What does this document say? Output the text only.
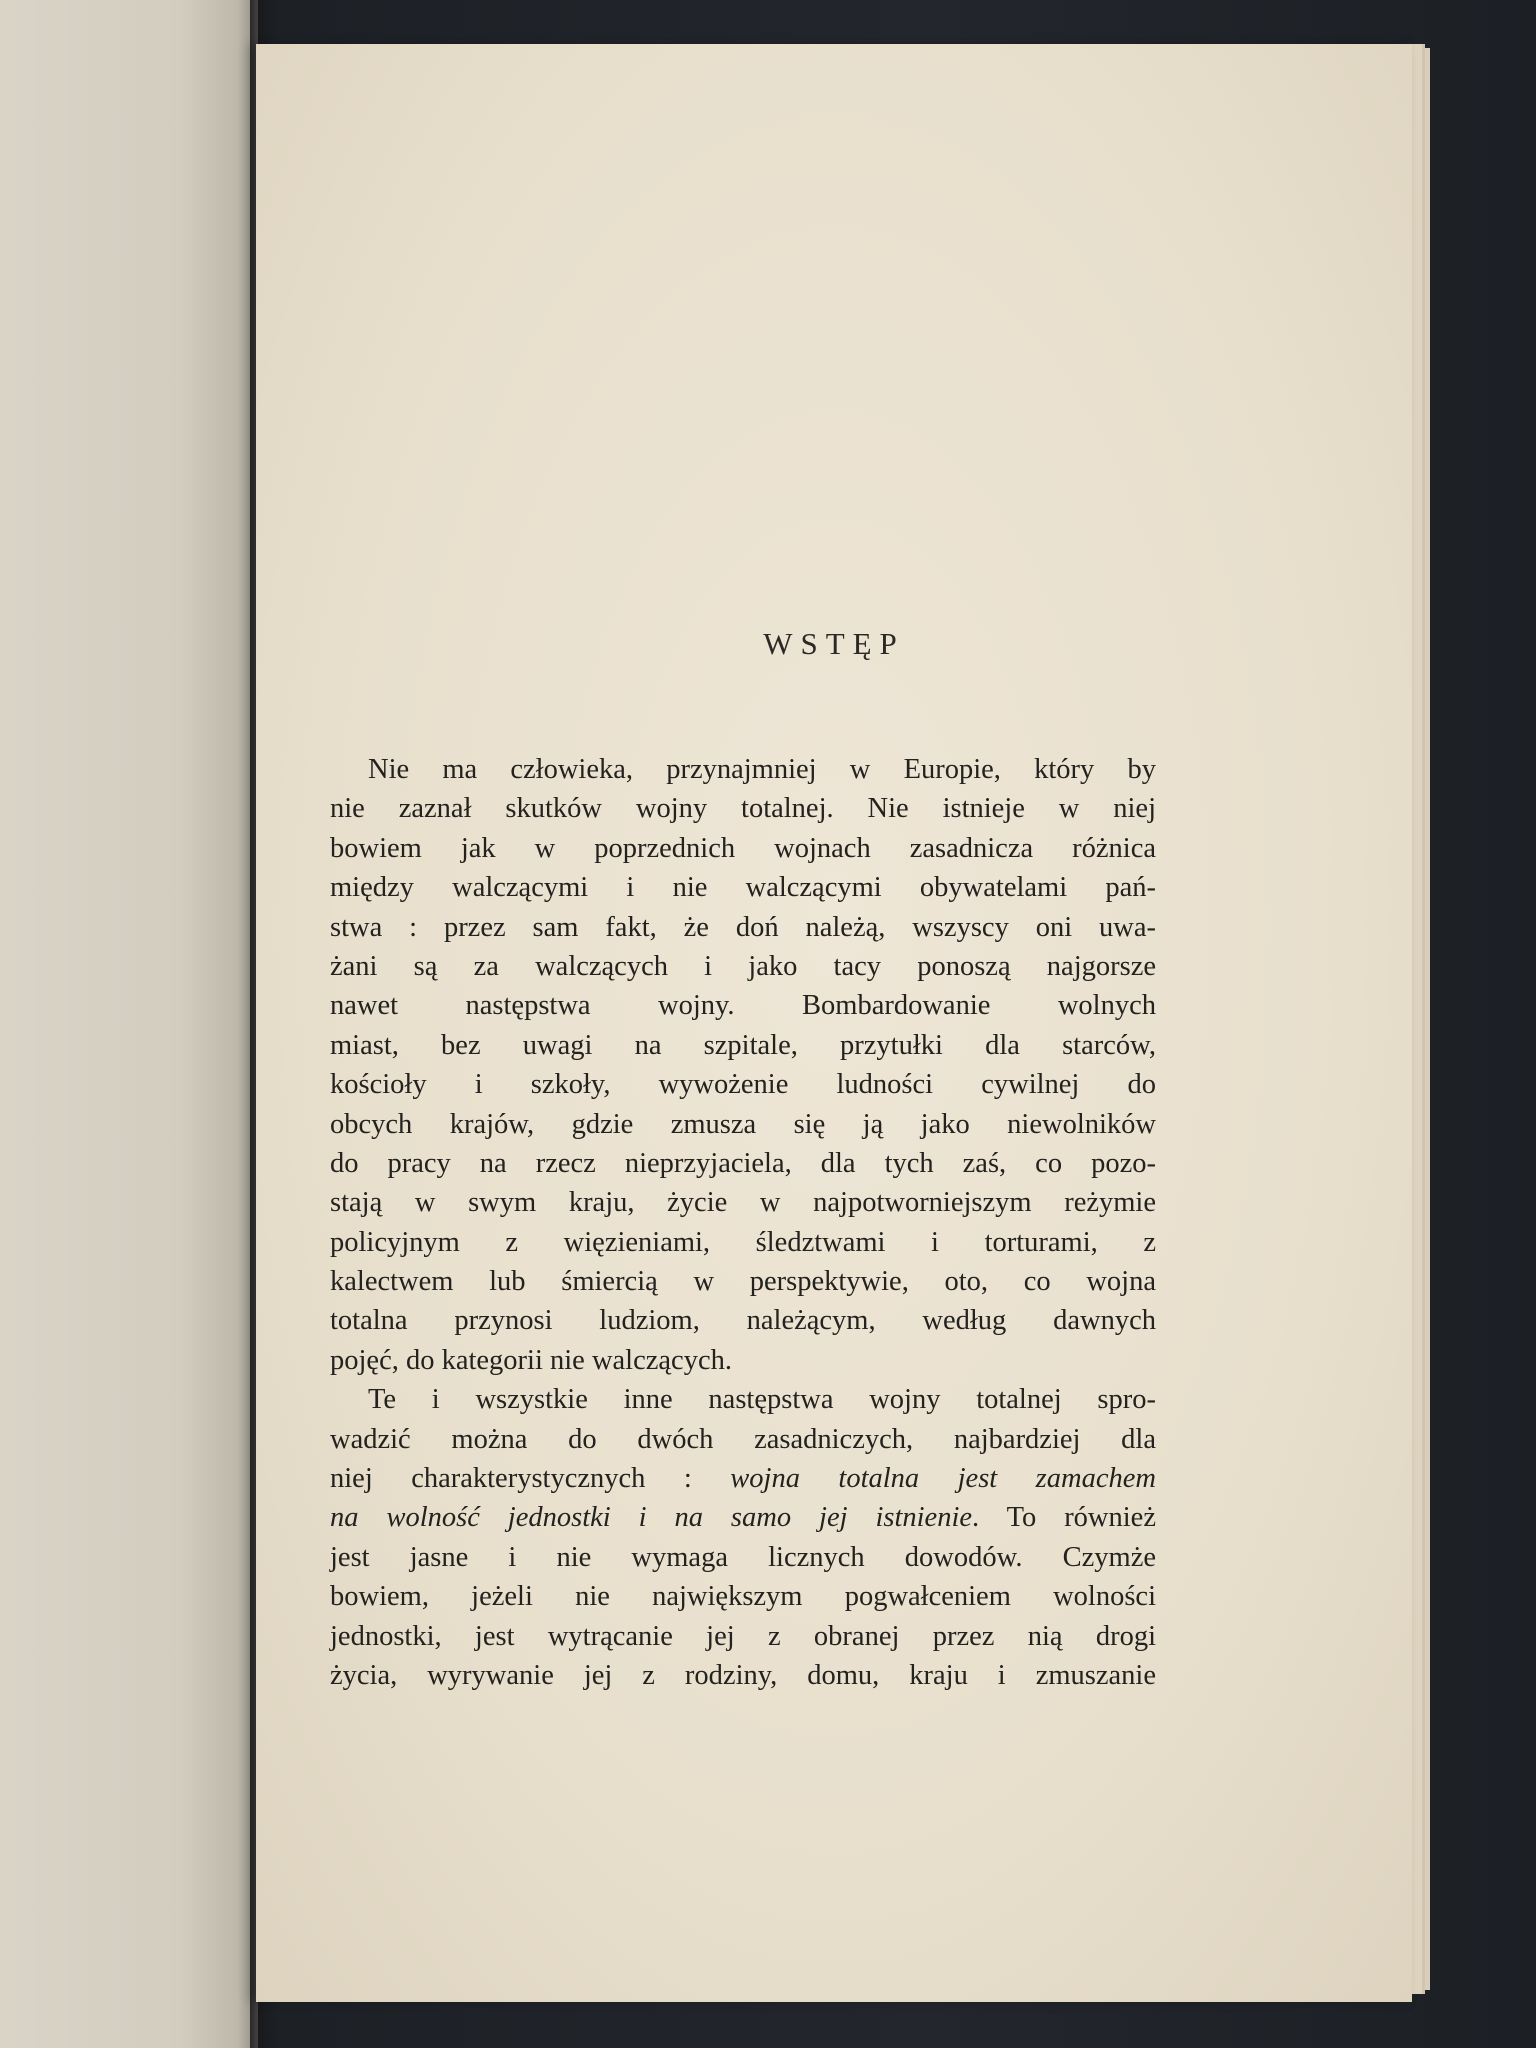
WSTĘP
Nie ma człowieka, przynajmniej w Europie, który by
nie zaznał skutków wojny totalnej. Nie istnieje w niej
bowiem jak w poprzednich wojnach zasadnicza różnica
między walczącymi i nie walczącymi obywatelami pań-
stwa : przez sam fakt, że doń należą, wszyscy oni uwa-
żani są za walczących i jako tacy ponoszą najgorsze
nawet następstwa wojny. Bombardowanie wolnych
miast, bez uwagi na szpitale, przytułki dla starców,
kościoły i szkoły, wywożenie ludności cywilnej do
obcych krajów, gdzie zmusza się ją jako niewolników
do pracy na rzecz nieprzyjaciela, dla tych zaś, co pozo-
stają w swym kraju, życie w najpotworniejszym reżymie
policyjnym z więzieniami, śledztwami i torturami, z
kalectwem lub śmiercią w perspektywie, oto, co wojna
totalna przynosi ludziom, należącym, według dawnych
pojęć, do kategorii nie walczących.
Te i wszystkie inne następstwa wojny totalnej spro-
wadzić można do dwóch zasadniczych, najbardziej dla
niej charakterystycznych : wojna totalna jest zamachem
na wolność jednostki i na samo jej istnienie. To również
jest jasne i nie wymaga licznych dowodów. Czymże
bowiem, jeżeli nie największym pogwałceniem wolności
jednostki, jest wytrącanie jej z obranej przez nią drogi
życia, wyrywanie jej z rodziny, domu, kraju i zmuszanie
